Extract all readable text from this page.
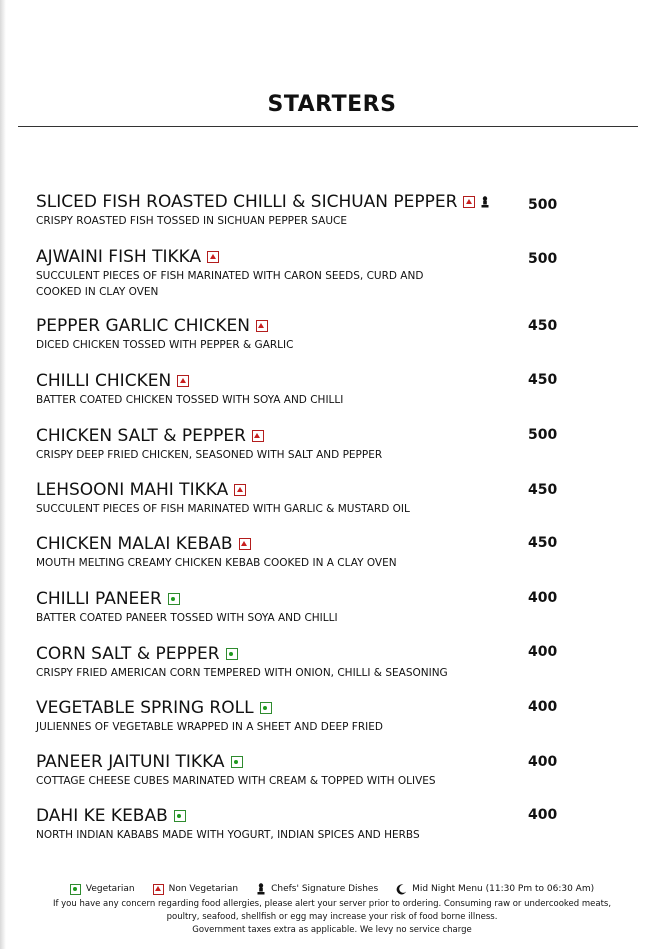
STARTERS
SLICED FISH ROASTED CHILLI & SICHUAN PEPPER
CRISPY ROASTED FISH TOSSED IN SICHUAN PEPPER SAUCE
500
AJWAINI FISH TIKKA
SUCCULENT PIECES OF FISH MARINATED WITH CARON SEEDS, CURD AND COOKED IN CLAY OVEN
500
PEPPER GARLIC CHICKEN
DICED CHICKEN TOSSED WITH PEPPER & GARLIC
450
CHILLI CHICKEN
BATTER COATED CHICKEN TOSSED WITH SOYA AND CHILLI
450
CHICKEN SALT & PEPPER
CRISPY DEEP FRIED CHICKEN, SEASONED WITH SALT AND PEPPER
500
LEHSOONI MAHI TIKKA
SUCCULENT PIECES OF FISH MARINATED WITH GARLIC & MUSTARD OIL
450
CHICKEN MALAI KEBAB
MOUTH MELTING CREAMY CHICKEN KEBAB COOKED IN A CLAY OVEN
450
CHILLI PANEER
BATTER COATED PANEER TOSSED WITH SOYA AND CHILLI
400
CORN SALT & PEPPER
CRISPY FRIED AMERICAN CORN TEMPERED WITH ONION, CHILLI & SEASONING
400
VEGETABLE SPRING ROLL
JULIENNES OF VEGETABLE WRAPPED IN A SHEET AND DEEP FRIED
400
PANEER JAITUNI TIKKA
COTTAGE CHEESE CUBES MARINATED WITH CREAM & TOPPED WITH OLIVES
400
DAHI KE KEBAB
NORTH INDIAN KABABS MADE WITH YOGURT, INDIAN SPICES AND HERBS
400
Vegetarian	Non Vegetarian	Chefs' Signature Dishes	Mid Night Menu (11:30 Pm to 06:30 Am)
If you have any concern regarding food allergies, please alert your server prior to ordering. Consuming raw or undercooked meats, poultry, seafood, shellfish or egg may increase your risk of food borne illness.
Government taxes extra as applicable. We levy no service charge
